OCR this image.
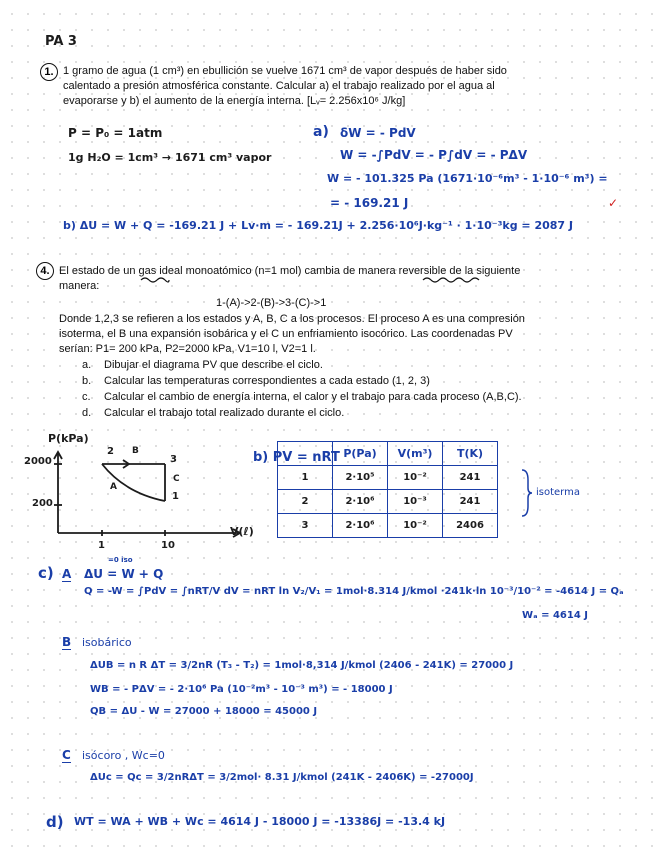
PA 3
1. 1 gramo de agua (1 cm³) en ebullición se vuelve 1671 cm³ de vapor después de haber sido
calentado a presión atmosférica constante. Calcular a) el trabajo realizado por el agua al
evaporarse y b) el aumento de la energía interna. [Lᵥ= 2.256x10⁶ J/kg]
P = P₀ = 1atm
1g H₂O = 1cm³ → 1671 cm³ vapor
a) δW = - PdV
W = -∫PdV = - P∫dV = - PΔV
W = - 101.325 Pa (1671·10⁻⁶m³ - 1·10⁻⁶ m³) =
= - 169.21 J	✓
b) ΔU = W + Q = -169.21 J + Lv·m = - 169.21J + 2.256·10⁶J·kg⁻¹ · 1·10⁻³kg = 2087 J
4. El estado de un gas ideal monoatómico (n=1 mol) cambia de manera reversible de la siguiente
manera:
1-(A)->2-(B)->3-(C)->1
Donde 1,2,3 se refieren a los estados y A, B, C a los procesos. El proceso A es una compresión
isoterma, el B una expansión isobárica y el C un enfriamiento isocórico. Las coordenadas PV
serían: P1= 200 kPa, P2=2000 kPa, V1=10 l, V2=1 l.
a. Dibujar el diagrama PV que describe el ciclo.
b. Calcular las temperaturas correspondientes a cada estado (1, 2, 3)
c. Calcular el cambio de energía interna, el calor y el trabajo para cada proceso (A,B,C).
d. Calcular el trabajo total realizado durante el ciclo.
P(kPa)
2000
200
1	10
V(ℓ)
2
3
1
B
A
C
b) PV = nRT
	P(Pa)	V(m³)	T(K)
1	2·10⁵	10⁻²	241
2	2·10⁶	10⁻³	241
3	2·10⁶	10⁻²	2406
isoterma
c) A
=0 iso
ΔU = W + Q
Q = -W = ∫PdV = ∫nRT/V dV = nRT ln V₂/V₁ = 1mol·8.314 J/kmol ·241k·ln 10⁻³/10⁻² = -4614 J = Qₐ
Wₐ = 4614 J
B isobárico
ΔUB = n R ΔT = 3/2nR (T₃ - T₂) = 1mol·8,314 J/kmol (2406 - 241K) = 27000 J
WB = - PΔV = - 2·10⁶ Pa (10⁻²m³ - 10⁻³ m³) = - 18000 J
QB = ΔU - W = 27000 + 18000 = 45000 J
C isócoro , Wc=0
ΔUc = Qc = 3/2nRΔT = 3/2mol· 8.31 J/kmol (241K - 2406K) = -27000J
d) WT = WA + WB + Wc = 4614 J - 18000 J = -13386J = -13.4 kJ
